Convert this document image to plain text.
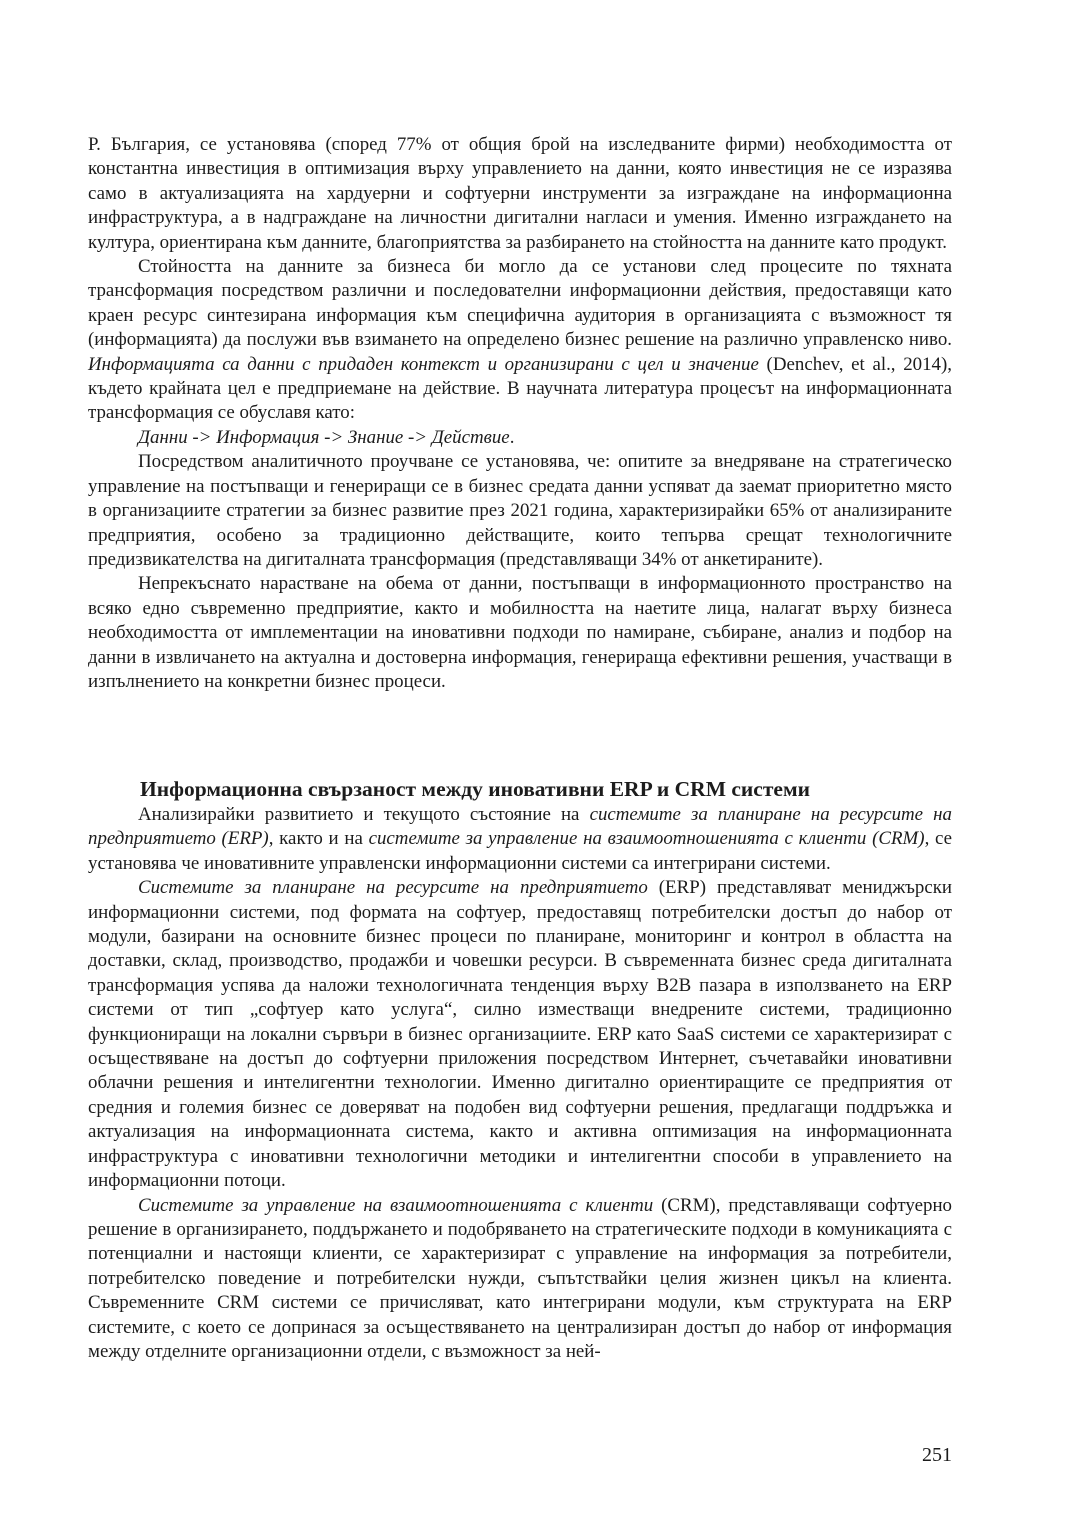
Р. България, се установява (според 77% от общия брой на изследваните фирми) необходимостта от константна инвестиция в оптимизация върху управлението на данни, която инвестиция не се изразява само в актуализацията на хардуерни и софтуерни инструменти за изграждане на информационна инфраструктура, а в надграждане на личностни дигитални нагласи и умения. Именно изграждането на култура, ориентирана към данните, благоприятства за разбирането на стойността на данните като продукт.

Стойността на данните за бизнеса би могло да се установи след процесите по тяхната трансформация посредством различни и последователни информационни действия, предоставящи като краен ресурс синтезирана информация към специфична аудитория в организацията с възможност тя (информацията) да послужи във взимането на определено бизнес решение на различно управленско ниво. Информацията са данни с придаден контекст и организирани с цел и значение (Denchev, et al., 2014), където крайната цел е предприемане на действие. В научната литература процесът на информационната трансформация се обуславя като:

Данни -> Информация -> Знание -> Действие.

Посредством аналитичното проучване се установява, че: опитите за внедряване на стратегическо управление на постъпващи и генериращи се в бизнес средата данни успяват да заемат приоритетно място в организациите стратегии за бизнес развитие през 2021 година, характеризирайки 65% от анализираните предприятия, особено за традиционно действащите, които тепърва срещат технологичните предизвикателства на дигиталната трансформация (представляващи 34% от анкетираните).

Непрекъснато нарастване на обема от данни, постъпващи в информационното пространство на всяко едно съвременно предприятие, както и мобилността на наетите лица, налагат върху бизнеса необходимостта от имплементации на иновативни подходи по намиране, събиране, анализ и подбор на данни в извличането на актуална и достоверна информация, генерираща ефективни решения, участващи в изпълнението на конкретни бизнес процеси.

Информационна свързаност между иновативни ERP и CRM системи

Анализирайки развитието и текущото състояние на системите за планиране на ресурсите на предприятието (ERP), както и на системите за управление на взаимоотношенията с клиенти (CRM), се установява че иновативните управленски информационни системи са интегрирани системи.

Системите за планиране на ресурсите на предприятието (ERP) представляват мениджърски информационни системи, под формата на софтуер, предоставящ потребителски достъп до набор от модули, базирани на основните бизнес процеси по планиране, мониторинг и контрол в областта на доставки, склад, производство, продажби и човешки ресурси. В съвременната бизнес среда дигиталната трансформация успява да наложи технологичната тенденция върху B2B пазара в използването на ERP системи от тип „софтуер като услуга“, силно изместващи внедрените системи, традиционно функциониращи на локални сървъри в бизнес организациите. ERP като SaaS системи се характеризират с осъществяване на достъп до софтуерни приложения посредством Интернет, съчетавайки иновативни облачни решения и интелигентни технологии. Именно дигитално ориентиращите се предприятия от средния и големия бизнес се доверяват на подобен вид софтуерни решения, предлагащи поддръжка и актуализация на информационната система, както и активна оптимизация на информационната инфраструктура с иновативни технологични методики и интелигентни способи в управлението на информационни потоци.

Системите за управление на взаимоотношенията с клиенти (CRM), представляващи софтуерно решение в организирането, поддържането и подобряването на стратегическите подходи в комуникацията с потенциални и настоящи клиенти, се характеризират с управление на информация за потребители, потребителско поведение и потребителски нужди, съпътствайки целия жизнен цикъл на клиента. Съвременните CRM системи се причисляват, като интегрирани модули, към структурата на ERP системите, с което се допринася за осъществяването на централизиран достъп до набор от информация между отделните организационни отдели, с възможност за ней-

251
